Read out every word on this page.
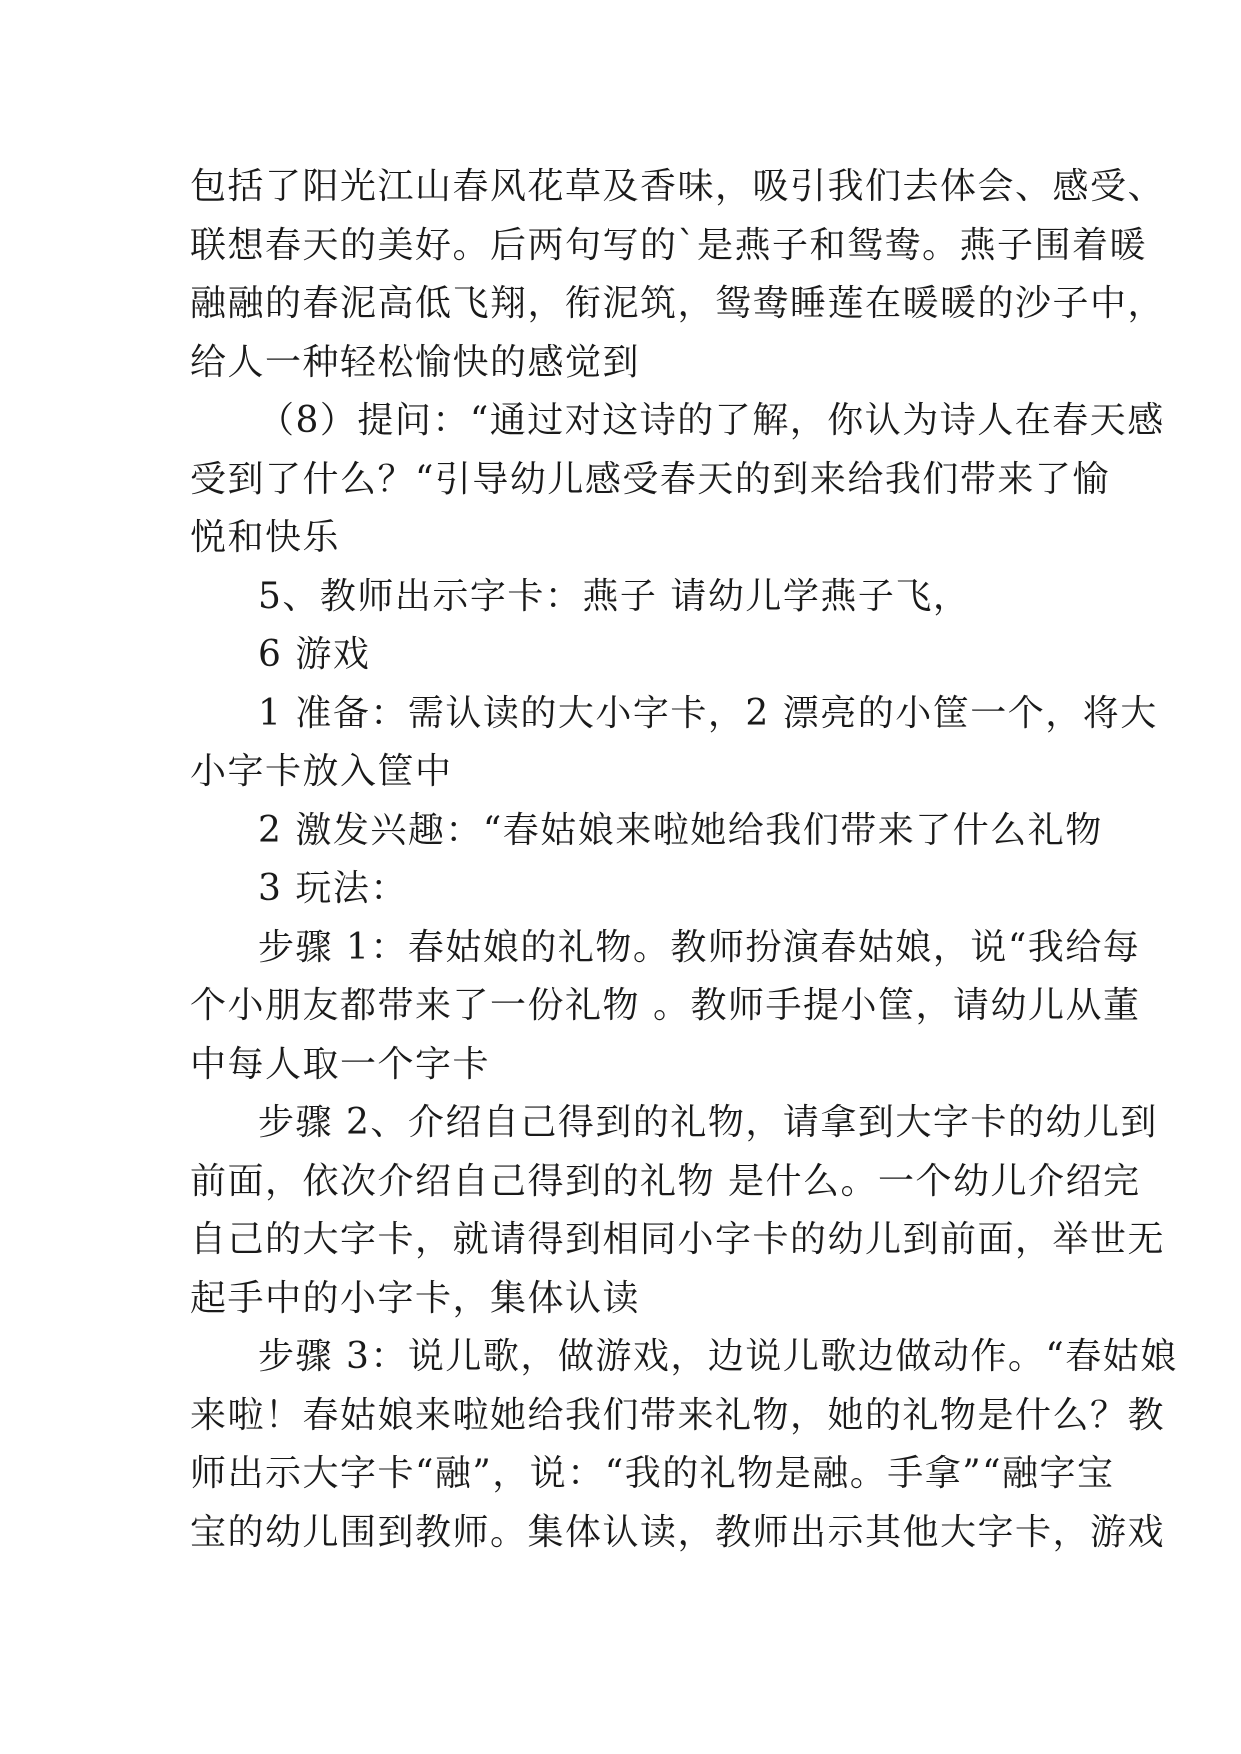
包括了阳光江山春风花草及香味，吸引我们去体会、感受、
联想春天的美好。后两句写的`是燕子和鸳鸯。燕子围着暖
融融的春泥高低飞翔，衔泥筑，鸳鸯睡莲在暖暖的沙子中，
给人一种轻松愉快的感觉到
（8）提问：“通过对这诗的了解，你认为诗人在春天感
受到了什么？“引导幼儿感受春天的到来给我们带来了愉
悦和快乐
5、教师出示字卡：燕子 请幼儿学燕子飞，
6 游戏
1 准备：需认读的大小字卡，2 漂亮的小筐一个，将大
小字卡放入筐中
2 激发兴趣：“春姑娘来啦她给我们带来了什么礼物
3 玩法：
步骤 1：春姑娘的礼物。教师扮演春姑娘，说“我给每
个小朋友都带来了一份礼物 。教师手提小筐，请幼儿从董
中每人取一个字卡
步骤 2、介绍自己得到的礼物，请拿到大字卡的幼儿到
前面，依次介绍自己得到的礼物 是什么。一个幼儿介绍完
自己的大字卡，就请得到相同小字卡的幼儿到前面，举世无
起手中的小字卡，集体认读
步骤 3：说儿歌，做游戏，边说儿歌边做动作。“春姑娘
来啦！春姑娘来啦她给我们带来礼物，她的礼物是什么？教
师出示大字卡“融”，说：“我的礼物是融。手拿”“融字宝
宝的幼儿围到教师。集体认读，教师出示其他大字卡，游戏
